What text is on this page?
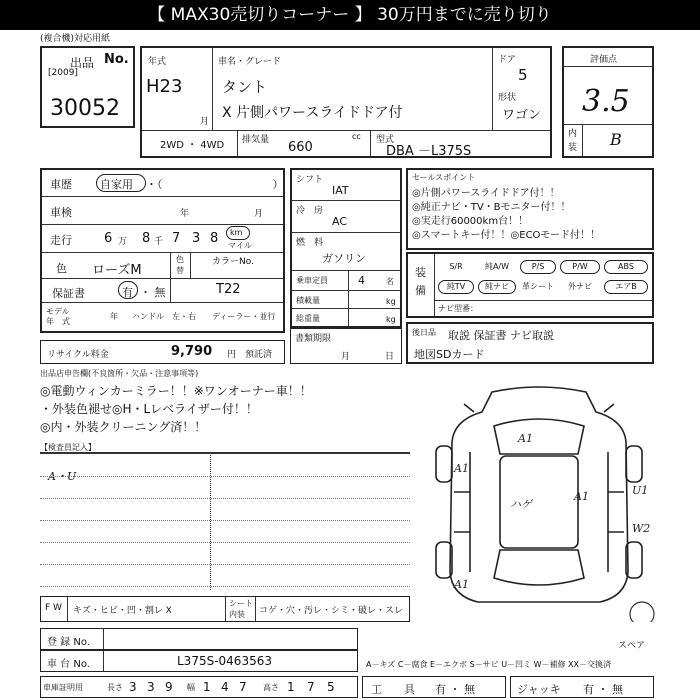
【 MAX30売切りコーナー 】 30万円までに売り切り
(複合機)対応用紙
出品 No.
[2009]
30052
年式
H23
月
車名・グレード
タント
X 片側パワースライドドア付
ドア
5
形状
ワゴン
2WD ・ 4WD 排気量 660
cc 型式
DBA －L375S
評価点
3.5
内
装 B
車歴	自家用 ・（　　　　　　　　　　）
車検	年	月
走行 6 万 8 千 7 3 8 km
マイル
色 ローズM
色
替
カラーNo.
T22
保証書	有 ・ 無
モデル
年　式
年 ハンドル　左・右 ディーラー・並行
リサイクル料金	9,790 円 預託済
シフト
IAT
冷　房
AC
燃　料
ガソリン
乗車定員	4	名
積載量	kg
総重量	kg
書類期限
月	日
セールスポイント
◎片側パワースライドドア付！！
◎純正ナビ・TV・Bモニター付！！
◎実走行60000km台！！
◎スマートキー付！！◎ECOモード付！！
装
備
S/R	純A/W	P/S	P/W	ABS
純TV	純ナビ	革シート	外ナビ	エアB
ナビ型番：
後日品 取説 保証書 ナビ取説
地図SDカード
出品店申告欄(不良箇所・欠品・注意事項等)
◎電動ウィンカーミラー！！※ワンオーナー車！！
・外装色褪せ◎H・Lレベライザー付！！
◎内・外装クリーニング済！！
【検査員記入】
A・U
F W キズ・ヒビ・凹・割レ X
シート
内装 コゲ・穴・汚レ・シミ・破レ・スレ
登 録 No.
車 台 No.	L375S-0463563
車庫証明用	長さ 3 3 9 幅 1 4 7 高さ 1 7 5
A1
A1
ハゲ
A1	U1
W2
A1
スペア
A－キズ C－腐食 E－エクボ S－サビ U－凹ミ W－補修 XX－交換済
工　　具 有 ・ 無	ジャッキ 有 ・ 無
